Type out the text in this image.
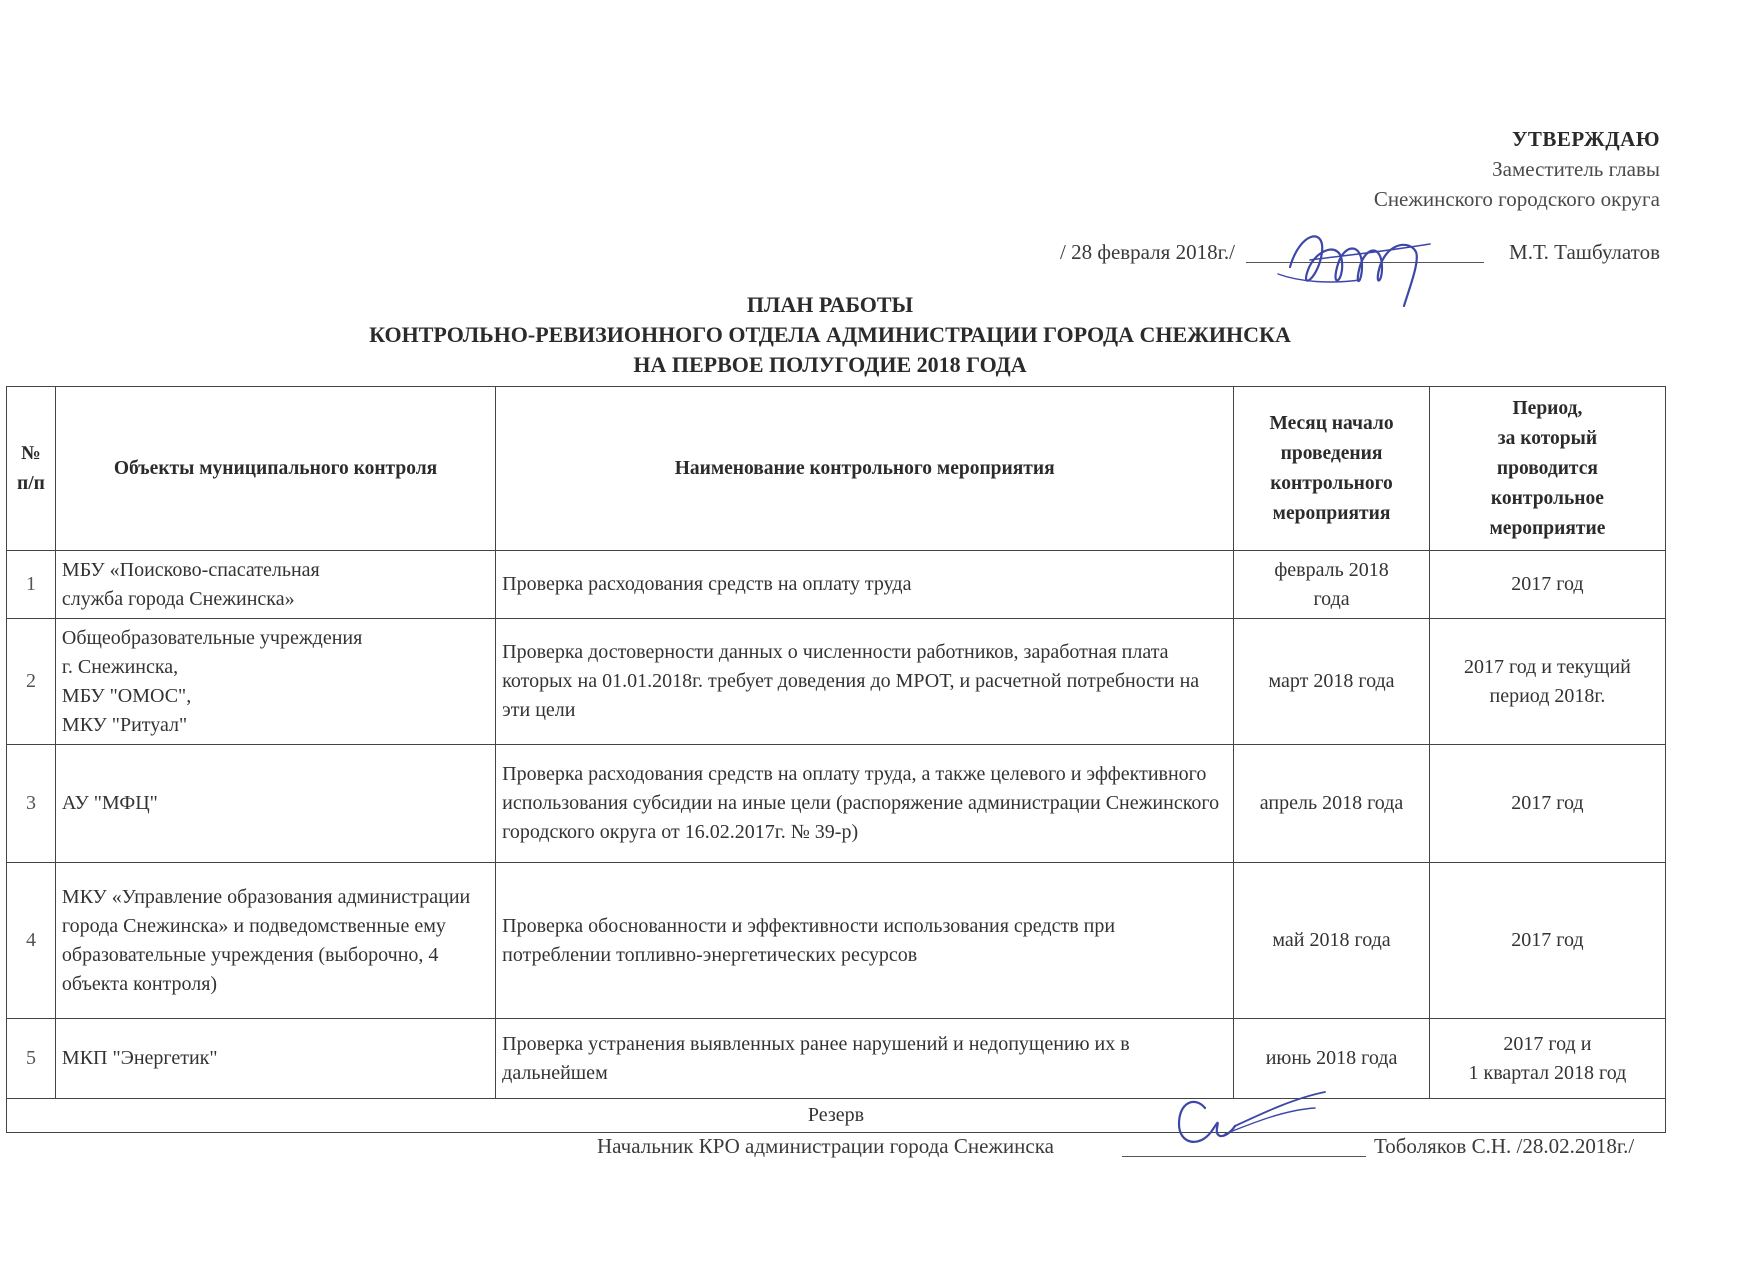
УТВЕРЖДАЮ
Заместитель главы
Снежинского городского округа
/ 28 февраля 2018г./	М.Т. Ташбулатов
ПЛАН РАБОТЫ
КОНТРОЛЬНО-РЕВИЗИОННОГО ОТДЕЛА АДМИНИСТРАЦИИ ГОРОДА СНЕЖИНСКА
НА ПЕРВОЕ ПОЛУГОДИЕ 2018 ГОДА
№
п/п	Объекты муниципального контроля	Наименование контрольного мероприятия	Месяц начало
проведения
контрольного
мероприятия	Период,
за который
проводится
контрольное
мероприятие
1	МБУ «Поисково-спасательная
служба города Снежинска»	Проверка расходования средств на оплату труда	февраль 2018
года	2017 год
2	Общеобразовательные учреждения
г. Снежинска,
МБУ "ОМОС",
МКУ "Ритуал"	Проверка достоверности данных о численности работников, заработная плата которых на 01.01.2018г. требует доведения до МРОТ, и расчетной потребности на эти цели	март 2018 года	2017 год и текущий
период 2018г.
3	АУ "МФЦ"	Проверка расходования средств на оплату труда, а также целевого и эффективного использования субсидии на иные цели (распоряжение администрации Снежинского городского округа от 16.02.2017г. № 39-р)	апрель 2018 года	2017 год
4	МКУ «Управление образования администрации города Снежинска» и подведомственные ему образовательные учреждения (выборочно, 4 объекта контроля)	Проверка обоснованности и эффективности использования средств при потреблении топливно-энергетических ресурсов	май 2018 года	2017 год
5	МКП "Энергетик"	Проверка устранения выявленных ранее нарушений и недопущению их в дальнейшем	июнь 2018 года	2017 год и
1 квартал 2018 год
Резерв				
Начальник КРО администрации города Снежинска	Тоболяков С.Н. /28.02.2018г./
